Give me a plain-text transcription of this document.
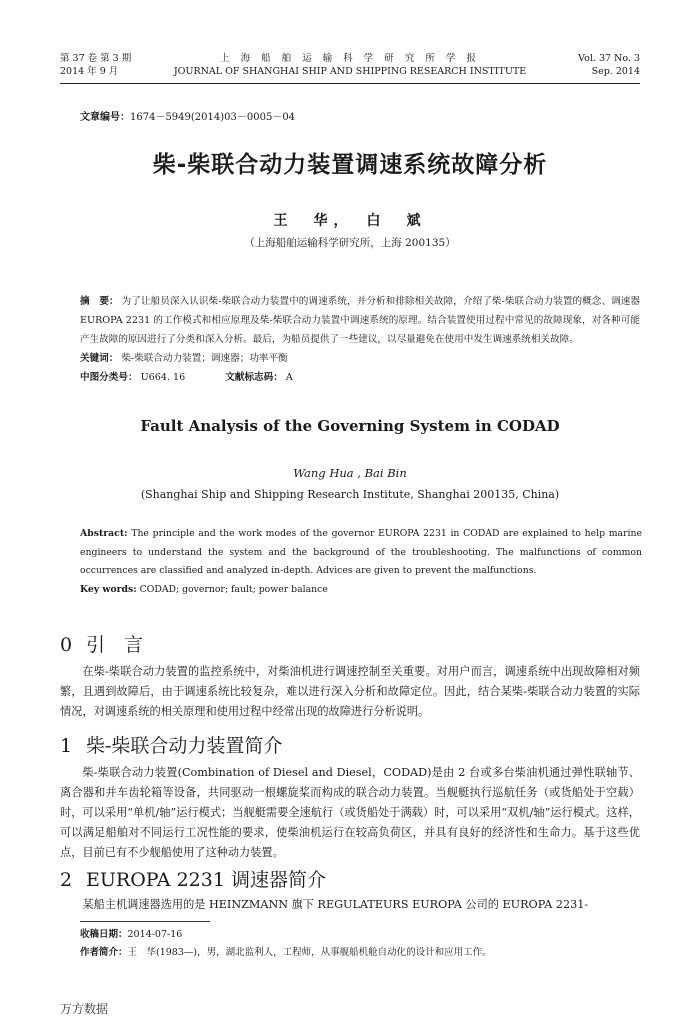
第 37 卷 第 3 期
2014 年 9 月
上 海 船 舶 运 输 科 学 研 究 所 学 报
JOURNAL OF SHANGHAI SHIP AND SHIPPING RESEARCH INSTITUTE
Vol. 37 No. 3
Sep. 2014
文章编号：1674－5949(2014)03－0005－04
柴-柴联合动力装置调速系统故障分析
王　华，　白　斌
（上海船舶运输科学研究所，上海 200135）
摘　要： 为了让船员深入认识柴-柴联合动力装置中的调速系统，并分析和排除相关故障，介绍了柴-柴联合动力装置的概念、调速器 EUROPA 2231 的工作模式和相应原理及柴-柴联合动力装置中调速系统的原理。结合装置使用过程中常见的故障现象，对各种可能产生故障的原因进行了分类和深入分析。最后，为船员提供了一些建议，以尽量避免在使用中发生调速系统相关故障。
关键词： 柴-柴联合动力装置；调速器；功率平衡
中图分类号： U664. 16	文献标志码： A
Fault Analysis of the Governing System in CODAD
Wang Hua , Bai Bin
(Shanghai Ship and Shipping Research Institute, Shanghai 200135, China)
Abstract: The principle and the work modes of the governor EUROPA 2231 in CODAD are explained to help marine engineers to understand the system and the background of the troubleshooting. The malfunctions of common occurrences are classified and analyzed in-depth. Advices are given to prevent the malfunctions.
Key words: CODAD; governor; fault; power balance
0 引　言
在柴-柴联合动力装置的监控系统中，对柴油机进行调速控制至关重要。对用户而言，调速系统中出现故障相对频繁，且遇到故障后，由于调速系统比较复杂，难以进行深入分析和故障定位。因此，结合某柴-柴联合动力装置的实际情况，对调速系统的相关原理和使用过程中经常出现的故障进行分析说明。
1 柴-柴联合动力装置简介
柴-柴联合动力装置(Combination of Diesel and Diesel，CODAD)是由 2 台或多台柴油机通过弹性联轴节、离合器和并车齿轮箱等设备，共同驱动一根螺旋桨而构成的联合动力装置。当舰艇执行巡航任务（或货船处于空载）时，可以采用“单机/轴”运行模式；当舰艇需要全速航行（或货船处于满载）时，可以采用“双机/轴”运行模式。这样，可以满足船舶对不同运行工况性能的要求，使柴油机运行在较高负荷区，并具有良好的经济性和生命力。基于这些优点，目前已有不少舰船使用了这种动力装置。
2 EUROPA 2231 调速器简介
某船主机调速器选用的是 HEINZMANN 旗下 REGULATEURS EUROPA 公司的 EUROPA 2231-
收稿日期：2014-07-16
作者简介：王　华(1983—)，男，湖北监利人，工程师，从事舰船机舱自动化的设计和应用工作。
万方数据
